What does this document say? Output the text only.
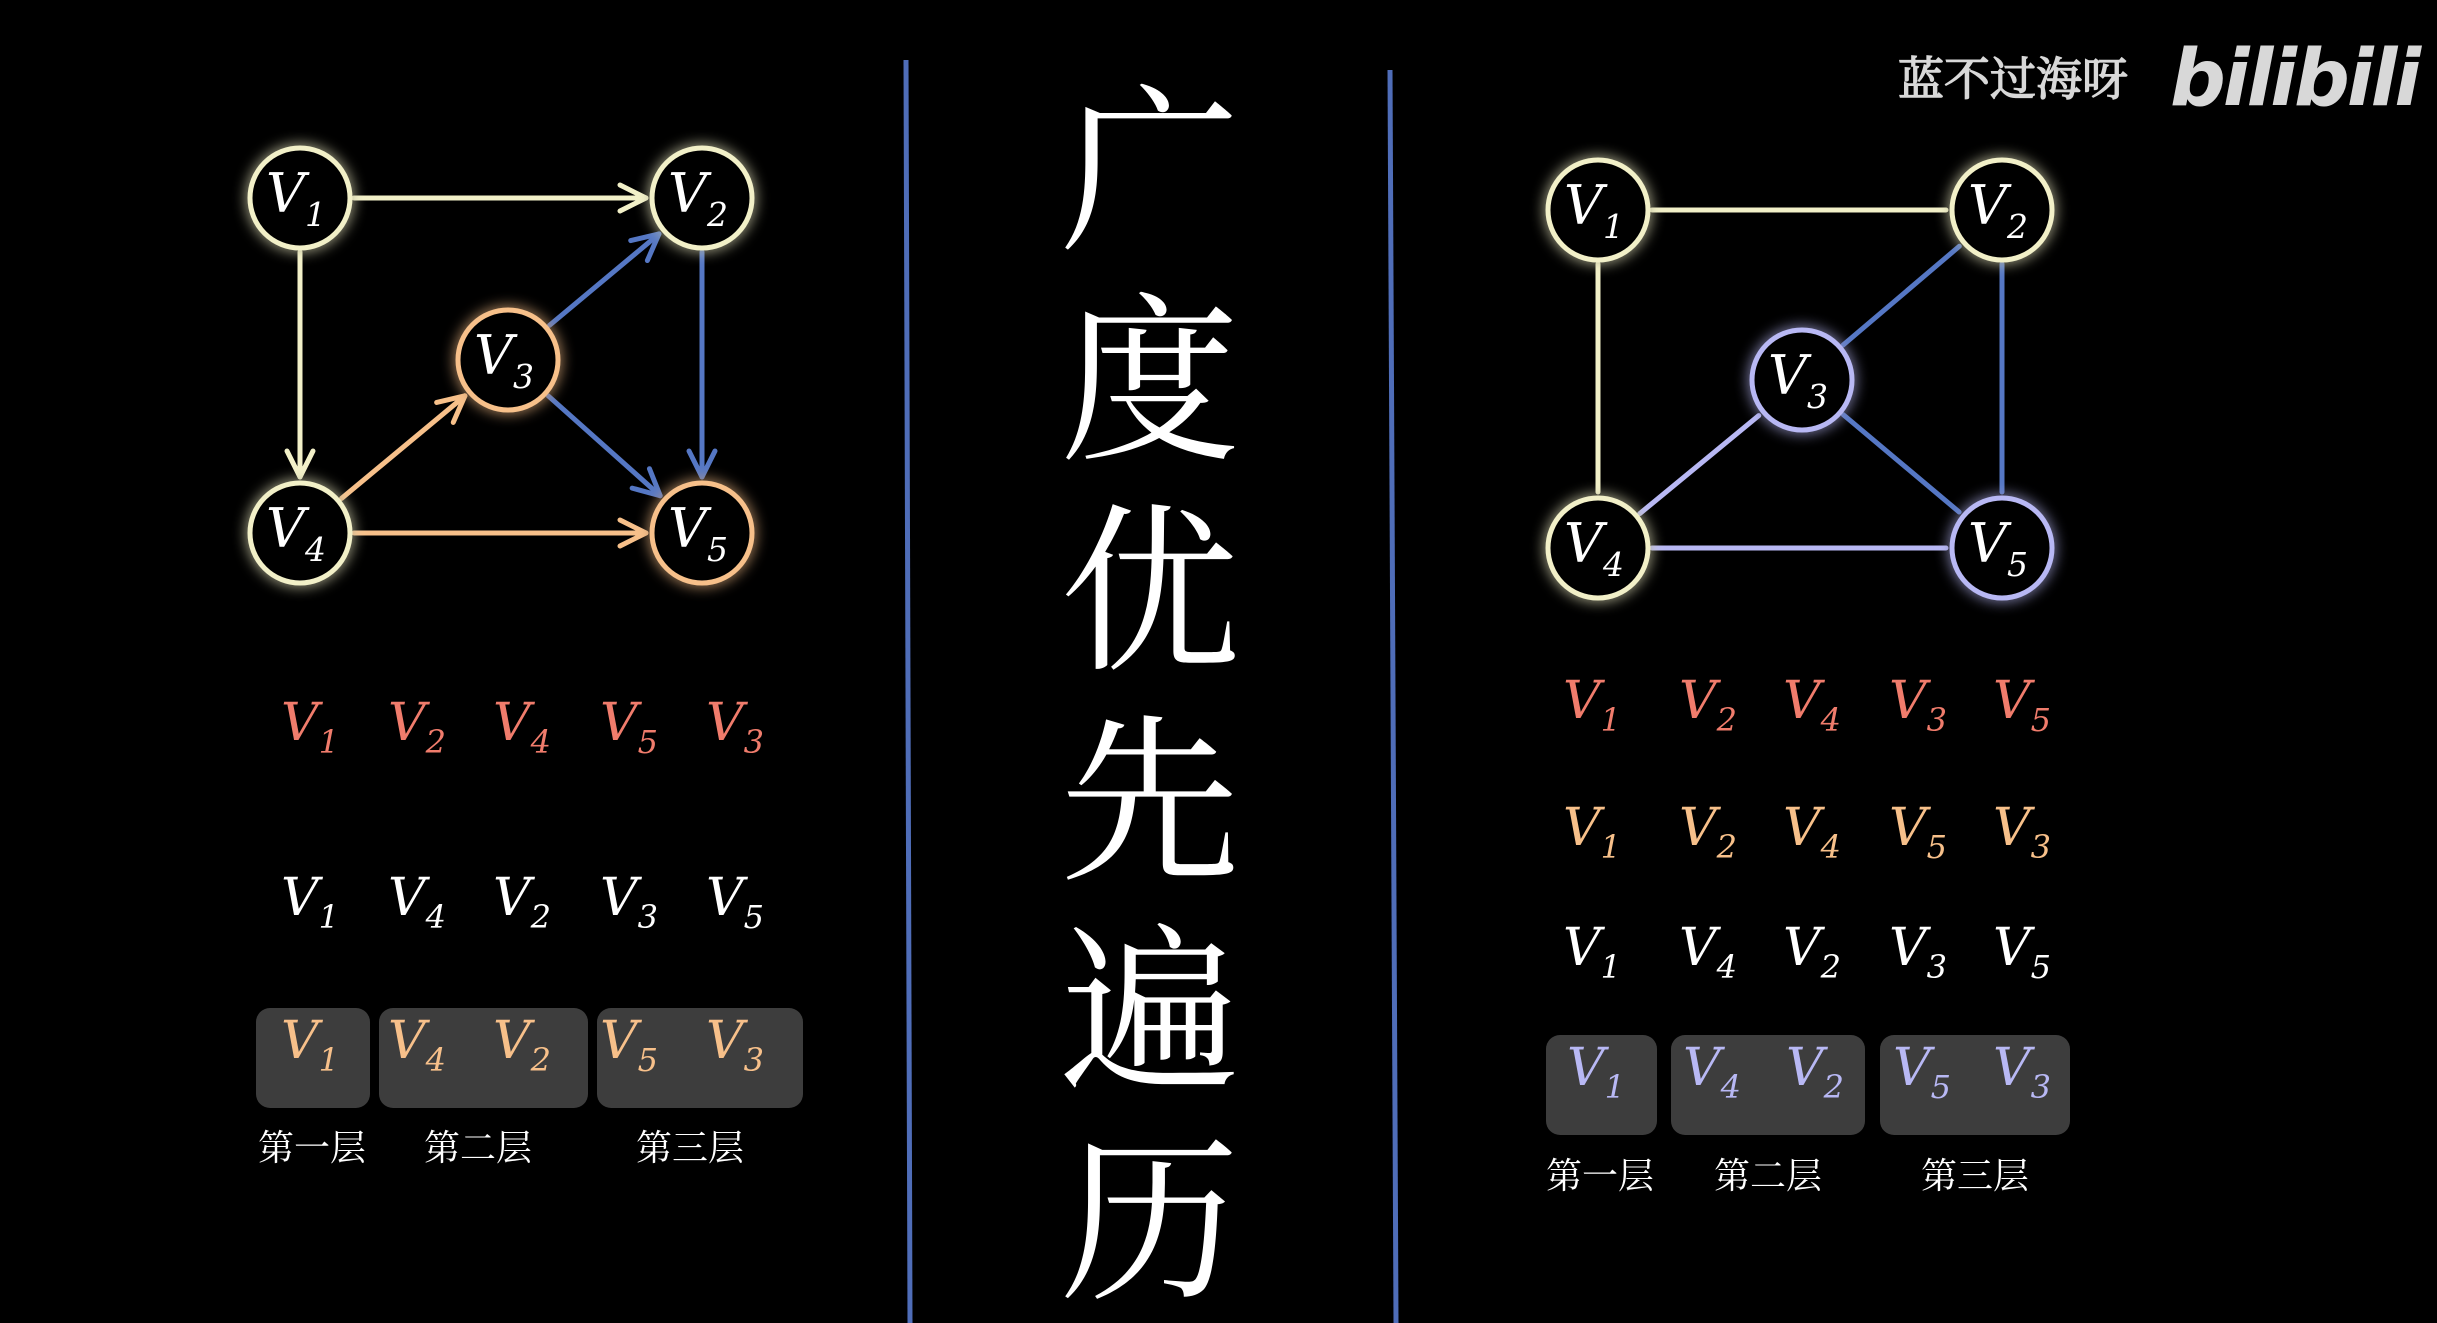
广
度
优
先
遍
历
蓝不过海呀 bilibili
$V_1$	$V_2$
$V_3$
$V_4$	$V_5$
$V_1$ $V_2$ $V_4$ $V_5$ $V_3$
$V_1$ $V_4$ $V_2$ $V_3$ $V_5$
$V_1$
第一层
$V_4$ $V_2$
第二层
$V_5$ $V_3$
第三层
$V_1$	$V_2$
$V_3$
$V_4$	$V_5$
$V_1$ $V_2$ $V_4$ $V_3$ $V_5$
$V_1$ $V_2$ $V_4$ $V_5$ $V_3$
$V_1$ $V_4$ $V_2$ $V_3$ $V_5$
$V_1$
第一层
$V_4$ $V_2$
第二层
$V_5$ $V_3$
第三层
